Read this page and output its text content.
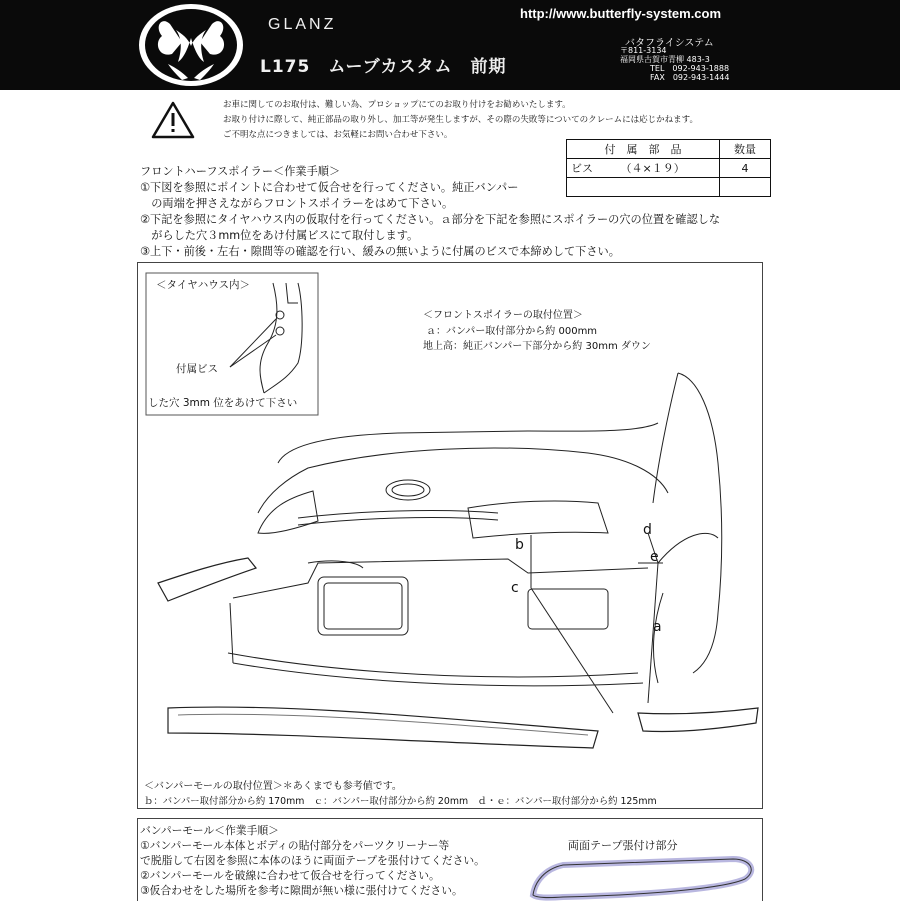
GLANZ
L175　ムーブカスタム　前期
http://www.butterfly-system.com
バタフライシステム
〒811-3134
福岡県古賀市青柳 483-3
TEL　092-943-1888
FAX　092-943-1444
お車に関してのお取付は、難しい為、プロショップにてのお取り付けをお勧めいたします。
お取り付けに際して、純正部品の取り外し、加工等が発生しますが、その際の失敗等についてのクレームには応じかねます。
ご不明な点につきましては、お気軽にお問い合わせ下さい。
付　属　部　品	数量
ビス　　　（４×１９）	4

フロントハーフスポイラー＜作業手順＞
①下図を参照にポイントに合わせて仮合せを行ってください。純正バンパー
　の両端を押さえながらフロントスポイラーをはめて下さい。
②下記を参照にタイヤハウス内の仮取付を行ってください。ａ部分を下記を参照にスポイラーの穴の位置を確認しな
　がらした穴３mm位をあけ付属ビスにて取付します。
③上下・前後・左右・隙間等の確認を行い、緩みの無いように付属のビスで本締めして下さい。
＜タイヤハウス内＞
付属ビス
した穴 3mm 位をあけて下さい
＜フロントスポイラーの取付位置＞
ａ：バンパー取付部分から約 000mm
地上高：純正バンパー下部分から約 30mm ダウン
b
c
d
e
a
＜バンパーモールの取付位置＞＊あくまでも参考値です。
ｂ：バンパー取付部分から約 170mm　ｃ：バンパー取付部分から約 20mm　ｄ・ｅ：バンパー取付部分から約 125mm
バンパーモール＜作業手順＞
①バンパーモール本体とボディの貼付部分をパーツクリーナー等
で脱脂して右図を参照に本体のほうに両面テープを張付けてください。
②バンパーモールを破線に合わせて仮合せを行ってください。
③仮合わせをした場所を参考に隙間が無い様に張付けてください。
両面テープ張付け部分
